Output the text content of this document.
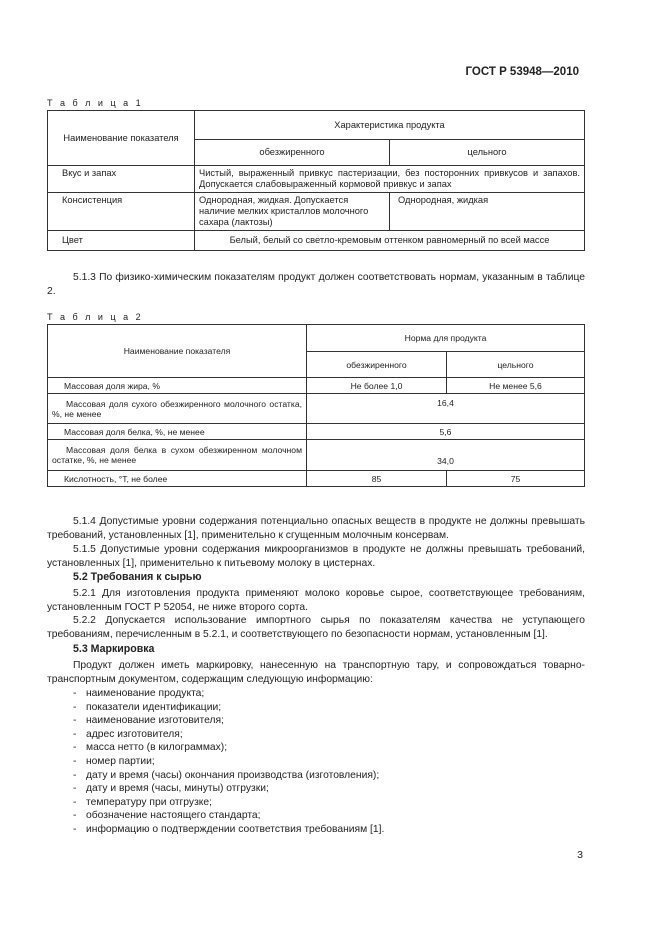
ГОСТ Р 53948—2010
Т а б л и ц а 1
Наименование показателя	Характеристика продукта	
	обезжиренного	цельного
Вкус и запах	Чистый, выраженный привкус пастеризации, без посторонних привкусов и запахов. Допускается слабовыраженный кормовой привкус и запах	
Консистенция	Однородная, жидкая. Допускается наличие мелких кристаллов молочного сахара (лактозы)	Однородная, жидкая
Цвет	Белый, белый со светло-кремовым оттенком равномерный по всей массе	
5.1.3 По физико-химическим показателям продукт должен соответствовать нормам, указанным в таблице 2.
Т а б л и ц а 2
Наименование показателя	Норма для продукта	
	обезжиренного	цельного
Массовая доля жира, %	Не более 1,0	Не менее 5,6
Массовая доля сухого обезжиренного молочного остатка, %, не менее	16,4	
Массовая доля белка, %, не менее	5,6	
Массовая доля белка в сухом обезжиренном молочном остатке, %, не менее	34,0	
Кислотность, °Т, не более	85	75
5.1.4 Допустимые уровни содержания потенциально опасных веществ в продукте не должны превышать требований, установленных [1], применительно к сгущенным молочным консервам.
5.1.5 Допустимые уровни содержания микроорганизмов в продукте не должны превышать требований, установленных [1], применительно к питьевому молоку в цистернах.
5.2 Требования к сырью
5.2.1 Для изготовления продукта применяют молоко коровье сырое, соответствующее требованиям, установленным ГОСТ Р 52054, не ниже второго сорта.
5.2.2 Допускается использование импортного сырья по показателям качества не уступающего требованиям, перечисленным в 5.2.1, и соответствующего по безопасности нормам, установленным [1].
5.3 Маркировка
Продукт должен иметь маркировку, нанесенную на транспортную тару, и сопровождаться товарно-транспортным документом, содержащим следующую информацию:
- наименование продукта;
- показатели идентификации;
- наименование изготовителя;
- адрес изготовителя;
- масса нетто (в килограммах);
- номер партии;
- дату и время (часы) окончания производства (изготовления);
- дату и время (часы, минуты) отгрузки;
- температуру при отгрузке;
- обозначение настоящего стандарта;
- информацию о подтверждении соответствия требованиям [1].
3
